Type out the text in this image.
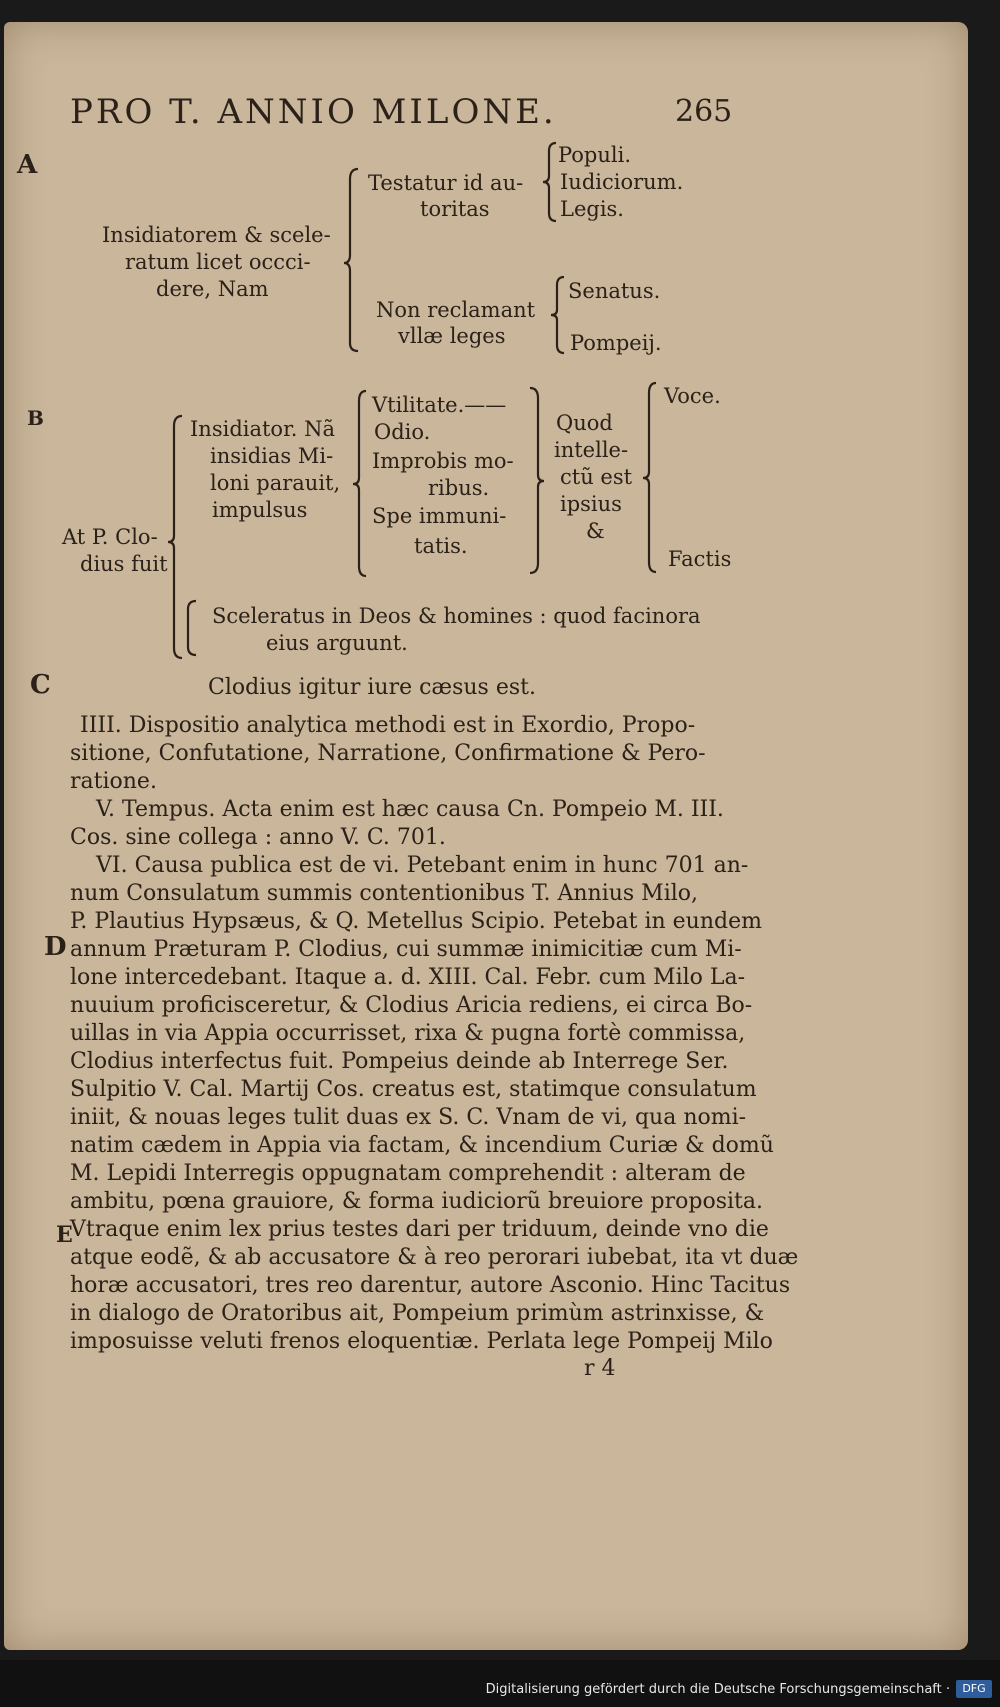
PRO T. ANNIO MILONE.	265
A
B
C
D
E
Insidiatorem & scele-
ratum licet occci-
dere, Nam
Testatur id au-
toritas
Populi.
Iudiciorum.
Legis.
Non reclamant
vllæ leges
Senatus.
Pompeij.
At P. Clo-
dius fuit
Insidiator. Nã
insidias Mi-
loni parauit,
impulsus
Vtilitate.——
Odio.
Improbis mo-
ribus.
Spe immuni-
tatis.
Quod
intelle-
ctũ est
ipsius
&
Voce.
Factis
Sceleratus in Deos & homines : quod facinora
eius arguunt.
Clodius igitur iure cæsus est.
IIII. Dispositio analytica methodi est in Exordio, Propo-
sitione, Confutatione, Narratione, Confirmatione & Pero-
ratione.
V. Tempus. Acta enim est hæc causa Cn. Pompeio M. III.
Cos. sine collega : anno V. C. 701.
VI. Causa publica est de vi. Petebant enim in hunc 701 an-
num Consulatum summis contentionibus T. Annius Milo,
P. Plautius Hypsæus, & Q. Metellus Scipio. Petebat in eundem
annum Præturam P. Clodius, cui summæ inimicitiæ cum Mi-
lone intercedebant. Itaque a. d. XIII. Cal. Febr. cum Milo La-
nuuium proficisceretur, & Clodius Aricia rediens, ei circa Bo-
uillas in via Appia occurrisset, rixa & pugna fortè commissa,
Clodius interfectus fuit. Pompeius deinde ab Interrege Ser.
Sulpitio V. Cal. Martij Cos. creatus est, statimque consulatum
iniit, & nouas leges tulit duas ex S. C. Vnam de vi, qua nomi-
natim cædem in Appia via factam, & incendium Curiæ & domũ
M. Lepidi Interregis oppugnatam comprehendit : alteram de
ambitu, pœna grauiore, & forma iudiciorũ breuiore proposita.
Vtraque enim lex prius testes dari per triduum, deinde vno die
atque eodẽ, & ab accusatore & à reo perorari iubebat, ita vt duæ
horæ accusatori, tres reo darentur, autore Asconio. Hinc Tacitus
in dialogo de Oratoribus ait, Pompeium primùm astrinxisse, &
imposuisse veluti frenos eloquentiæ. Perlata lege Pompeij Milo
r 4
Digitalisierung gefördert durch die Deutsche Forschungsgemeinschaft ·	DFG
